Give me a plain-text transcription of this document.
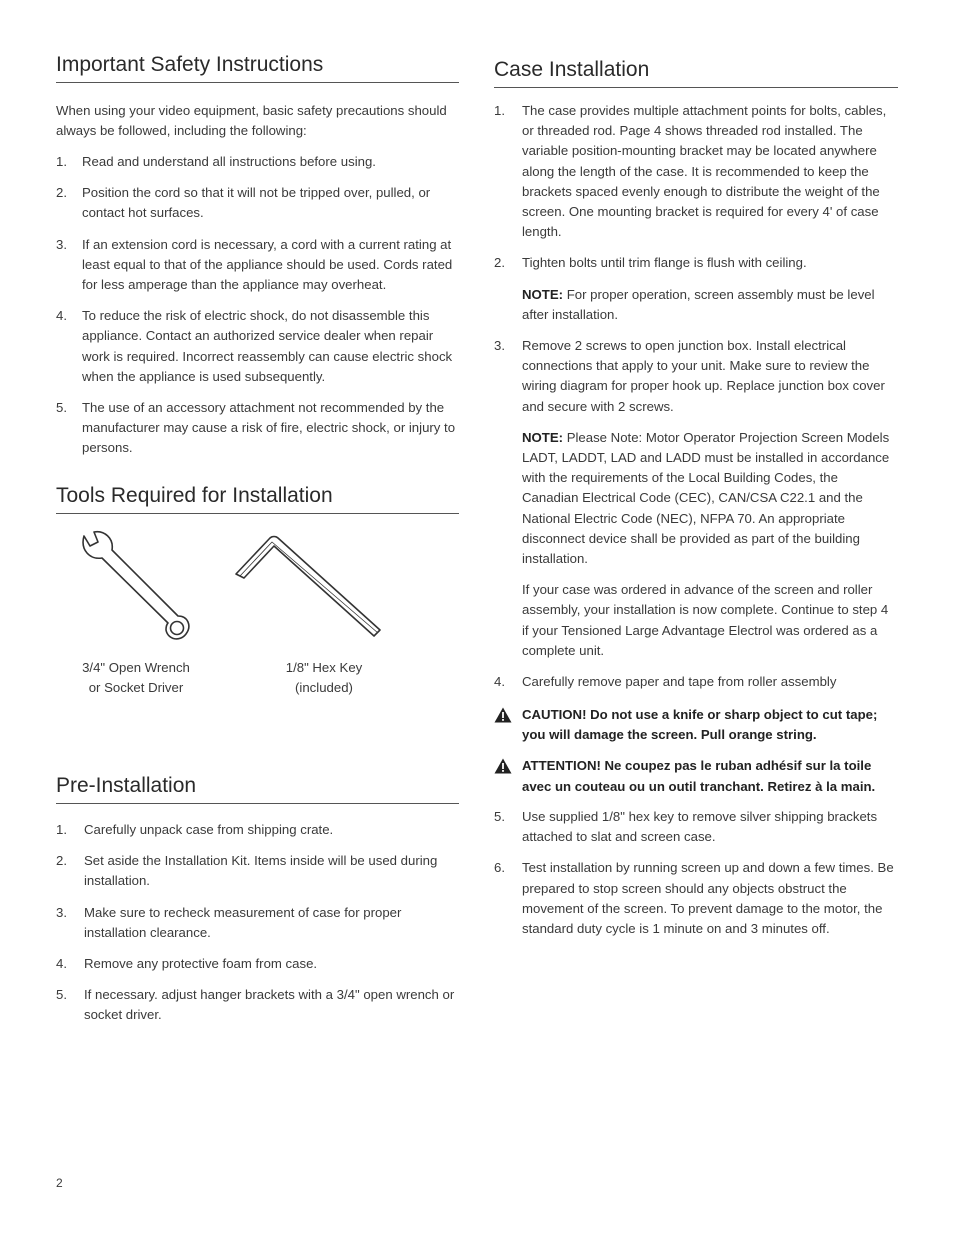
Important Safety Instructions

When using your video equipment, basic safety precautions should always be followed, including the following:

1. Read and understand all instructions before using.
2. Position the cord so that it will not be tripped over, pulled, or contact hot surfaces.
3. If an extension cord is necessary, a cord with a current rating at least equal to that of the appliance should be used. Cords rated for less amperage than the appliance may overheat.
4. To reduce the risk of electric shock, do not disassemble this appliance. Contact an authorized service dealer when repair work is required. Incorrect reassembly can cause electric shock when the appliance is used subsequently.
5. The use of an accessory attachment not recommended by the manufacturer may cause a risk of fire, electric shock, or injury to persons.
Tools Required for Installation
3/4" Open Wrench
or Socket Driver
1/8" Hex Key
(included)
Pre-Installation
1. Carefully unpack case from shipping crate.
2. Set aside the Installation Kit. Items inside will be used during installation.
3. Make sure to recheck measurement of case for proper installation clearance.
4. Remove any protective foam from case.
5. If necessary. adjust hanger brackets with a 3/4" open wrench or socket driver.
Case Installation
1. The case provides multiple attachment points for bolts, cables, or threaded rod. Page 4 shows threaded rod installed. The variable position-mounting bracket may be located anywhere along the length of the case. It is recommended to keep the brackets spaced evenly enough to distribute the weight of the screen. One mounting bracket is required for every 4' of case length.
2. Tighten bolts until trim flange is flush with ceiling.
NOTE: For proper operation, screen assembly must be level after installation.
3. Remove 2 screws to open junction box. Install electrical connections that apply to your unit. Make sure to review the wiring diagram for proper hook up. Replace junction box cover and secure with 2 screws.
NOTE: Please Note: Motor Operator Projection Screen Models LADT, LADDT, LAD and LADD must be installed in accordance with the requirements of the Local Building Codes, the Canadian Electrical Code (CEC), CAN/CSA C22.1 and the National Electric Code (NEC), NFPA 70. An appropriate disconnect device shall be provided as part of the building installation.
If your case was ordered in advance of the screen and roller assembly, your installation is now complete. Continue to step 4 if your Tensioned Large Advantage Electrol was ordered as a complete unit.
4. Carefully remove paper and tape from roller assembly
CAUTION! Do not use a knife or sharp object to cut tape; you will damage the screen. Pull orange string.
ATTENTION! Ne coupez pas le ruban adhésif sur la toile avec un couteau ou un outil tranchant. Retirez à la main.
5. Use supplied 1/8" hex key to remove silver shipping brackets attached to slat and screen case.
6. Test installation by running screen up and down a few times. Be prepared to stop screen should any objects obstruct the movement of the screen. To prevent damage to the motor, the standard duty cycle is 1 minute on and 3 minutes off.
2
